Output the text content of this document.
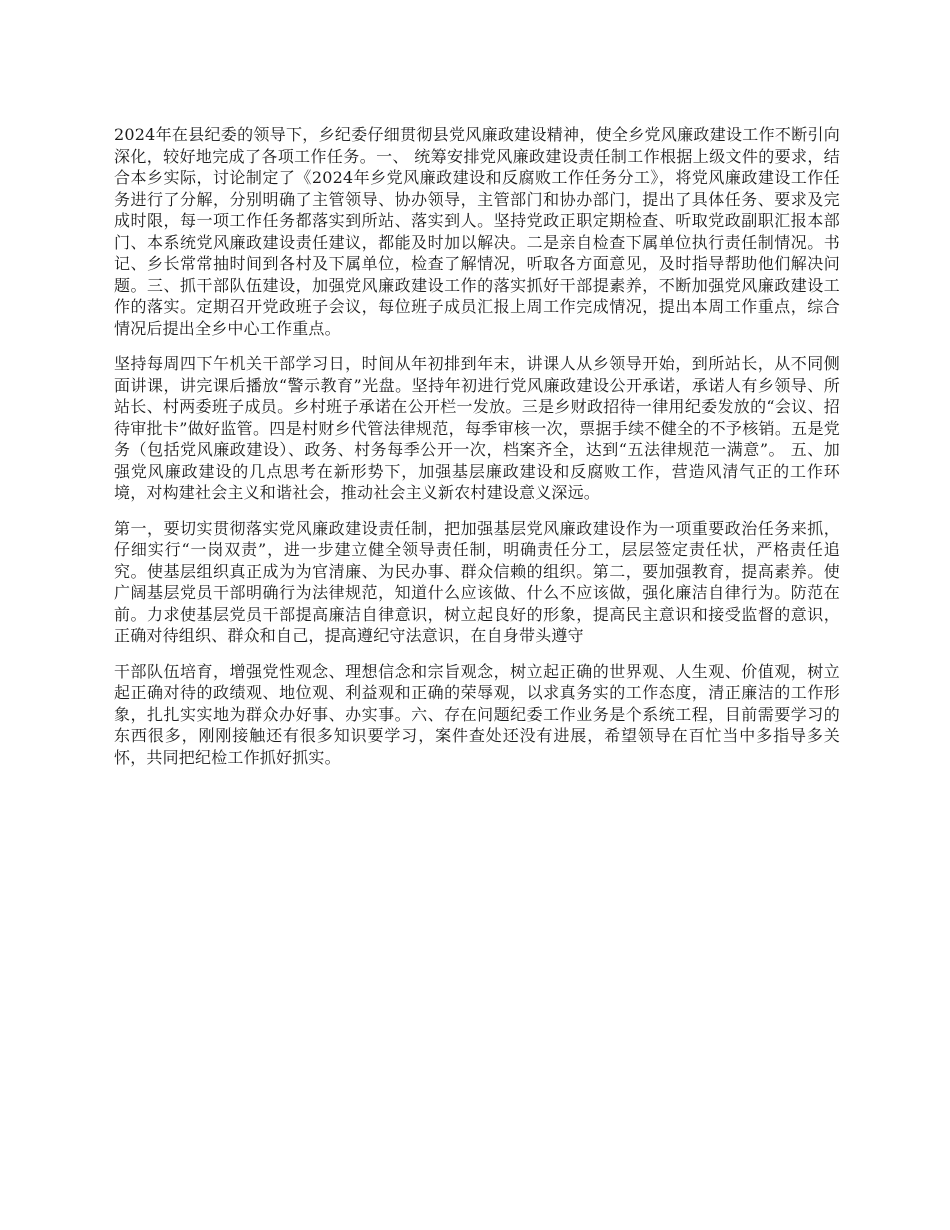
2024年在县纪委的领导下，乡纪委仔细贯彻县党风廉政建设精神，使全乡党风廉政建设工作不断引向深化，较好地完成了各项工作任务。一、 统筹安排党风廉政建设责任制工作根据上级文件的要求，结合本乡实际，讨论制定了《2024年乡党风廉政建设和反腐败工作任务分工》，将党风廉政建设工作任务进行了分解，分别明确了主管领导、协办领导，主管部门和协办部门，提出了具体任务、要求及完成时限，每一项工作任务都落实到所站、落实到人。坚持党政正职定期检查、听取党政副职汇报本部门、本系统党风廉政建设责任建议，都能及时加以解决。二是亲自检查下属单位执行责任制情况。书记、乡长常常抽时间到各村及下属单位，检查了解情况，听取各方面意见，及时指导帮助他们解决问题。三、抓干部队伍建设，加强党风廉政建设工作的落实抓好干部提素养，不断加强党风廉政建设工作的落实。定期召开党政班子会议，每位班子成员汇报上周工作完成情况，提出本周工作重点，综合情况后提出全乡中心工作重点。

坚持每周四下午机关干部学习日，时间从年初排到年末，讲课人从乡领导开始，到所站长，从不同侧面讲课，讲完课后播放“警示教育”光盘。坚持年初进行党风廉政建设公开承诺，承诺人有乡领导、所站长、村两委班子成员。乡村班子承诺在公开栏一发放。三是乡财政招待一律用纪委发放的“会议、招待审批卡”做好监管。四是村财乡代管法律规范，每季审核一次，票据手续不健全的不予核销。五是党务（包括党风廉政建设）、政务、村务每季公开一次，档案齐全，达到“五法律规范一满意”。 五、加强党风廉政建设的几点思考在新形势下，加强基层廉政建设和反腐败工作，营造风清气正的工作环境，对构建社会主义和谐社会，推动社会主义新农村建设意义深远。

第一，要切实贯彻落实党风廉政建设责任制，把加强基层党风廉政建设作为一项重要政治任务来抓，仔细实行“一岗双责”，进一步建立健全领导责任制，明确责任分工，层层签定责任状，严格责任追究。使基层组织真正成为为官清廉、为民办事、群众信赖的组织。第二，要加强教育，提高素养。使广阔基层党员干部明确行为法律规范，知道什么应该做、什么不应该做，强化廉洁自律行为。防范在前。力求使基层党员干部提高廉洁自律意识，树立起良好的形象，提高民主意识和接受监督的意识，正确对待组织、群众和自己，提高遵纪守法意识，在自身带头遵守

干部队伍培育，增强党性观念、理想信念和宗旨观念，树立起正确的世界观、人生观、价值观，树立起正确对待的政绩观、地位观、利益观和正确的荣辱观，以求真务实的工作态度，清正廉洁的工作形象，扎扎实实地为群众办好事、办实事。六、存在问题纪委工作业务是个系统工程，目前需要学习的东西很多，刚刚接触还有很多知识要学习，案件查处还没有进展，希望领导在百忙当中多指导多关怀，共同把纪检工作抓好抓实。
